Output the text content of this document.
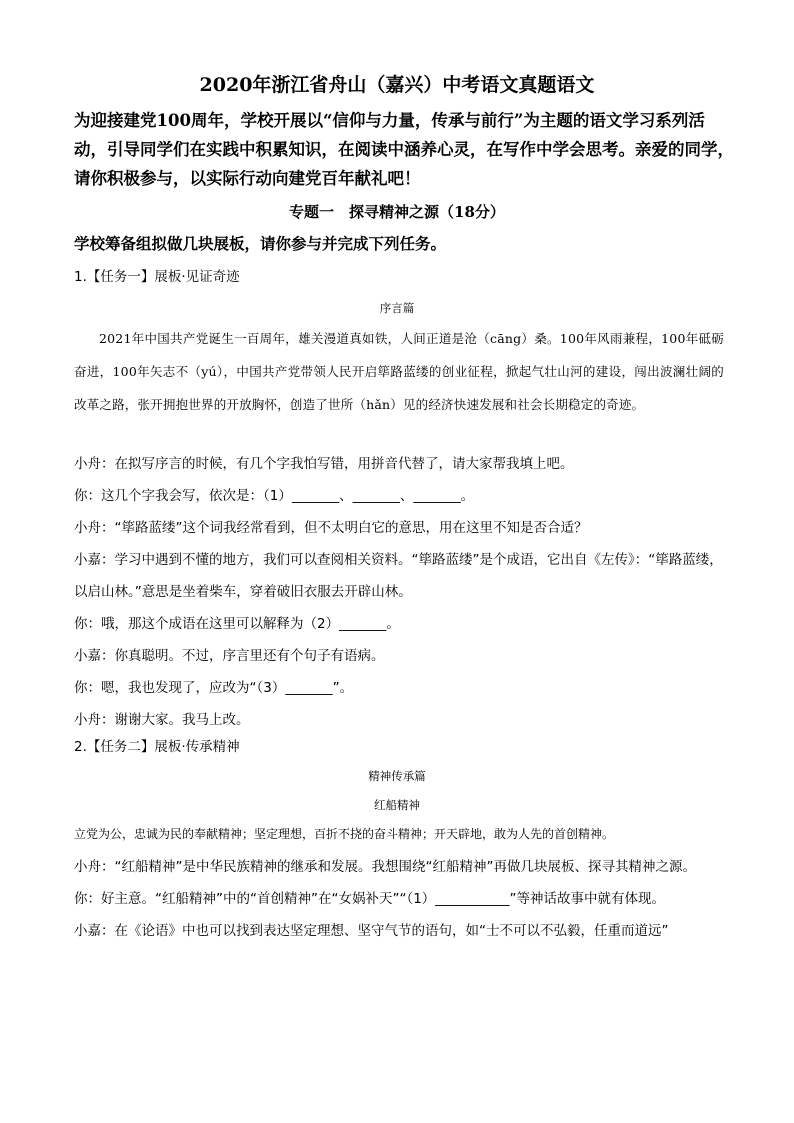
2020年浙江省舟山（嘉兴）中考语文真题语文
为迎接建党100周年，学校开展以“信仰与力量，传承与前行”为主题的语文学习系列活动，引导同学们在实践中积累知识，在阅读中涵养心灵，在写作中学会思考。亲爱的同学，请你积极参与，以实际行动向建党百年献礼吧！
专题一　探寻精神之源（18分）
学校筹备组拟做几块展板，请你参与并完成下列任务。
1.【任务一】展板·见证奇迹
序言篇

2021年中国共产党诞生一百周年，雄关漫道真如铁，人间正道是沧（cāng）桑。100年风雨兼程，100年砥砺奋进，100年矢志不（yú），中国共产党带领人民开启筚路蓝缕的创业征程，掀起气壮山河的建设，闯出波澜壮阔的改革之路，张开拥抱世界的开放胸怀，创造了世所（hǎn）见的经济快速发展和社会长期稳定的奇迹。

小舟：在拟写序言的时候，有几个字我怕写错，用拼音代替了，请大家帮我填上吧。
你：这几个字我会写，依次是：（1）_______、_______、_______。
小舟：“筚路蓝缕”这个词我经常看到，但不太明白它的意思，用在这里不知是否合适？
小嘉：学习中遇到不懂的地方，我们可以查阅相关资料。“筚路蓝缕”是个成语，它出自《左传》：“筚路蓝缕，以启山林。”意思是坐着柴车，穿着破旧衣服去开辟山林。
你：哦，那这个成语在这里可以解释为（2）_______。
小嘉：你真聪明。不过，序言里还有个句子有语病。
你：嗯，我也发现了，应改为“（3）_______”。
小舟：谢谢大家。我马上改。
2.【任务二】展板·传承精神
精神传承篇
红船精神
立党为公，忠诚为民的奉献精神；坚定理想，百折不挠的奋斗精神；开天辟地，敢为人先的首创精神。
小舟：“红船精神”是中华民族精神的继承和发展。我想围绕“红船精神”再做几块展板、探寻其精神之源。
你：好主意。“红船精神”中的“首创精神”在“女娲补天”“（1）___________”等神话故事中就有体现。
小嘉：在《论语》中也可以找到表达坚定理想、坚守气节的语句，如“士不可以不弘毅，任重而道远”
